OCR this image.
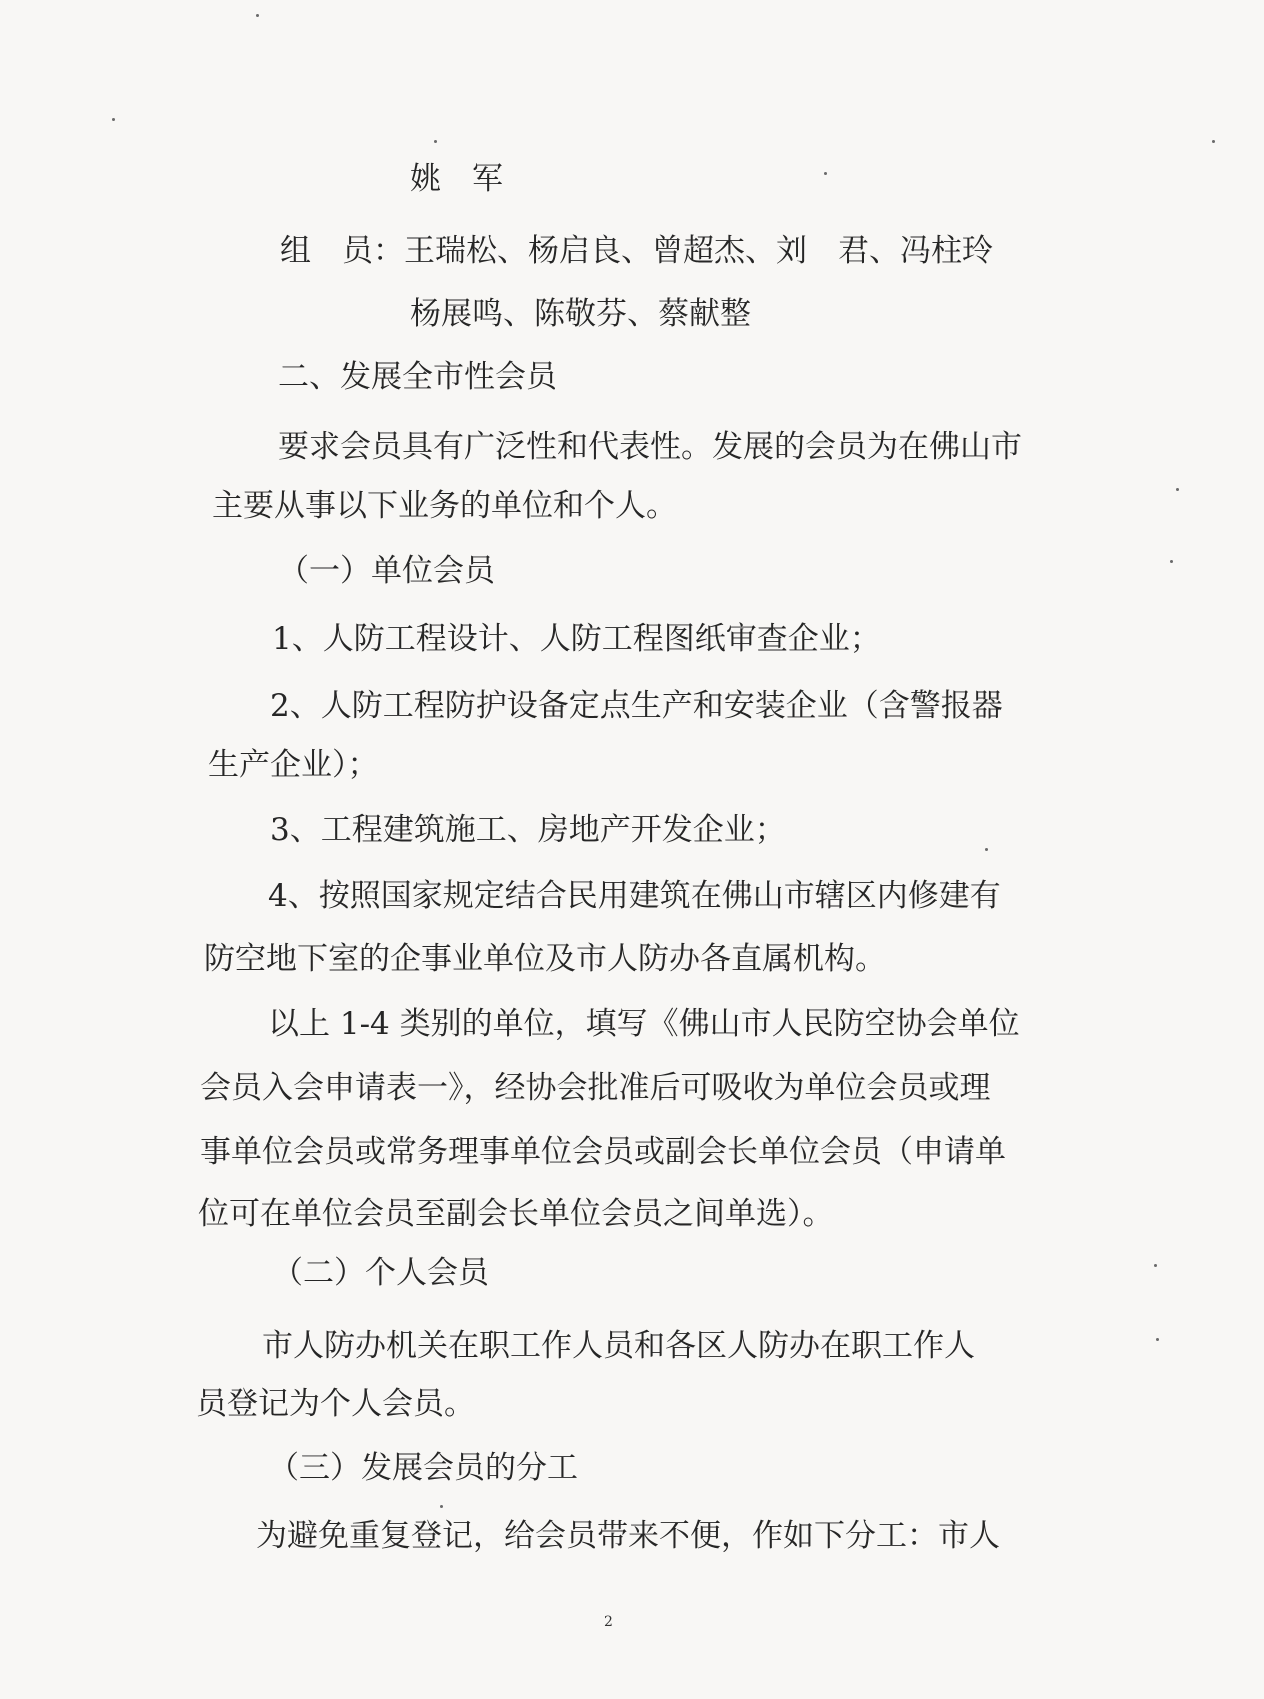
姚　军
组　员：王瑞松、杨启良、曾超杰、刘　君、冯柱玲
杨展鸣、陈敬芬、蔡献整
二、发展全市性会员
要求会员具有广泛性和代表性。发展的会员为在佛山市
主要从事以下业务的单位和个人。
（一）单位会员
1、人防工程设计、人防工程图纸审查企业；
2、人防工程防护设备定点生产和安装企业（含警报器
生产企业）；
3、工程建筑施工、房地产开发企业；
4、按照国家规定结合民用建筑在佛山市辖区内修建有
防空地下室的企事业单位及市人防办各直属机构。
以上 1-4 类别的单位，填写《佛山市人民防空协会单位
会员入会申请表一》，经协会批准后可吸收为单位会员或理
事单位会员或常务理事单位会员或副会长单位会员（申请单
位可在单位会员至副会长单位会员之间单选）。
（二）个人会员
市人防办机关在职工作人员和各区人防办在职工作人
员登记为个人会员。
（三）发展会员的分工
为避免重复登记，给会员带来不便，作如下分工：市人
2
